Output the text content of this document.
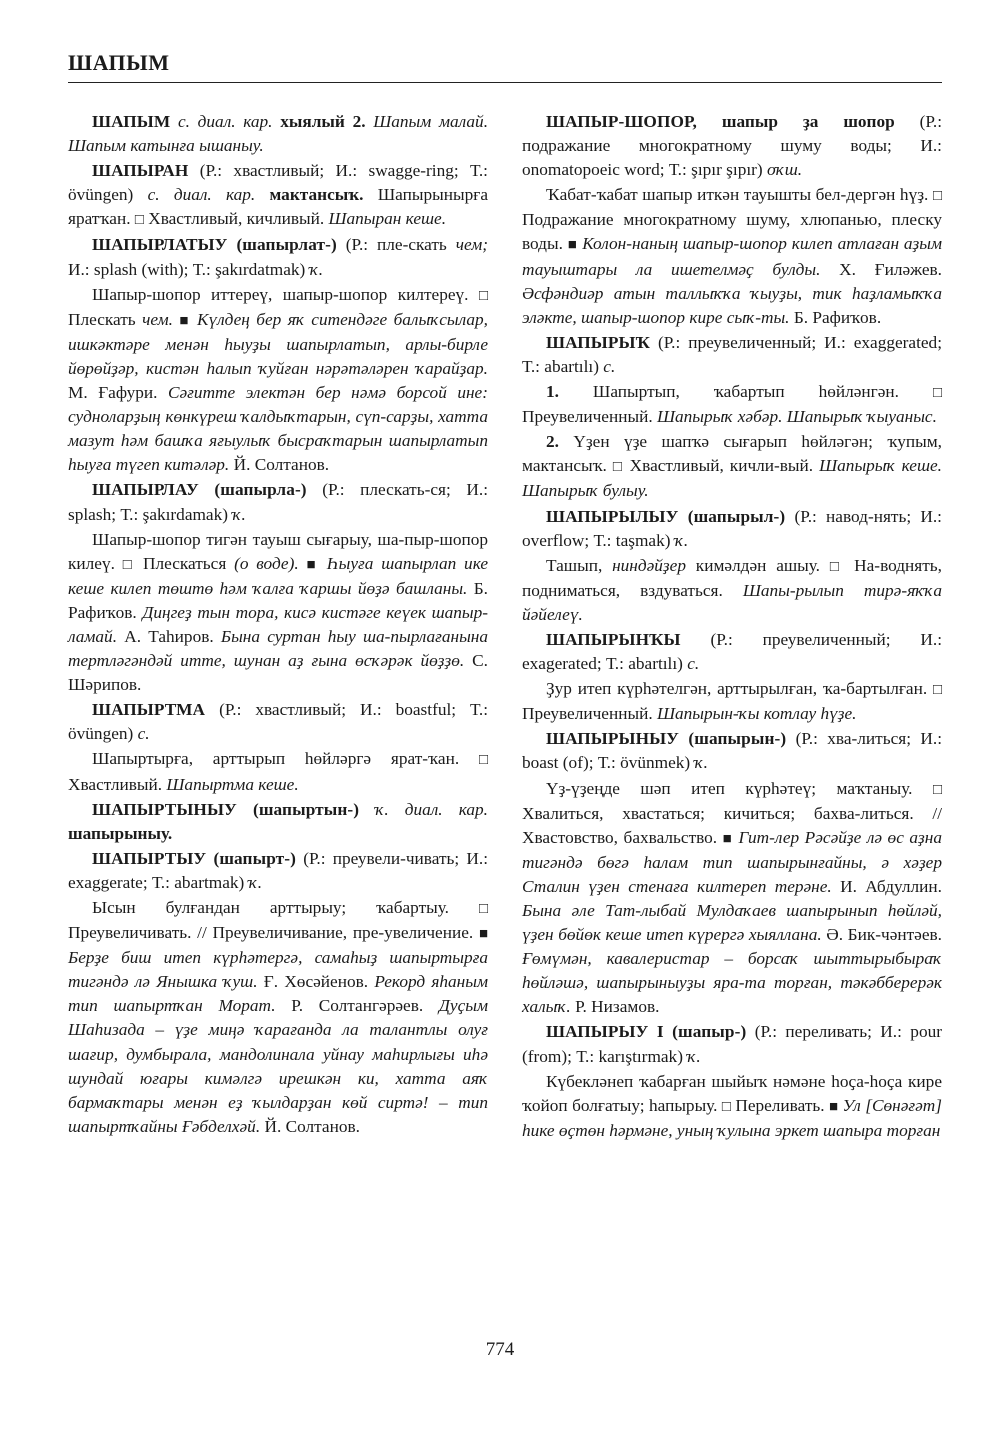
ШАПЫМ

ШАПЫМ с. диал. кар. хыялый 2. Шапым малай. Шапым катынға ышаныу.

ШАПЫРАН (Р.: хвастливый; И.: swagge-ring; Т.: övüngen) с. диал. кар. мактансыҡ. Шапырынырға яратҡан. □ Хвастливый, кичливый. Шапыран кеше.

ШАПЫРЛАТЫУ (шапырлат-) (Р.: пле-скать чем; И.: splash (with); Т.: şakırdatmak) ҡ.

Шапыр-шопор иттереү, шапыр-шопор килтереү. □ Плескать чем. ■ Күлдең бер яҡ ситендәге балыҡсылар, ишкәктәре менән һыуҙы шапырлатып, арлы-бирле йөрөйҙәр, кистән һалып ҡуйған нәрәтәләрен ҡарайҙар. М. Ғафури. Сәғитте электән бер нәмә борсой ине: судноларҙың көнкүреш ҡалдыҡтарын, сүп-сарҙы, хатта мазут һәм башҡа яғыулыҡ бысраҡтарын шапырлатып һыуға түгеп китәләр. Й. Солтанов.

ШАПЫРЛАУ (шапырла-) (Р.: плескать-ся; И.: splash; Т.: şakırdamak) ҡ.

Шапыр-шопор тигән тауыш сығарыу, ша-пыр-шопор килеү. □ Плескаться (о воде). ■ Һыуға шапырлап ике кеше килеп төштө һәм ҡалға ҡаршы йөҙә башланы. Б. Рафиҡов. Диңгеҙ тын тора, кисә кистәге кеүек шапыр-ламай. А. Таһиров. Бына суртан һыу ша-пырлағанына тертләгәндәй итте, шунан аҙ ғына өсҡәрәк йөҙҙө. С. Шәрипов.

ШАПЫРТМА (Р.: хвастливый; И.: boastful; Т.: övüngen) с.

Шапыртырға, арттырып һөйләргә ярат-ҡан. □ Хвастливый. Шапыртма кеше.

ШАПЫРТЫНЫУ (шапыртын-) ҡ. диал. кар. шапырыныу.

ШАПЫРТЫУ (шапырт-) (Р.: преувели-чивать; И.: exaggerate; Т.: abartmak) ҡ.

Ысын булғандан арттырыу; ҡабартыу. □ Преувеличивать. // Преувеличивание, пре-увеличение. ■ Берҙе биш итеп күрһәтергә, самаһыҙ шапыртырға тигәндә лә Янышка ҡуш. Ғ. Хөсәйенов. Рекорд яһаным тип шапыртҡан Морат. Р. Солтангәрәев. Дуҫым Шаһизада – үҙе миңә ҡарағанда ла талантлы олуғ шағир, думбырала, мандолинала уйнау маһирлығы иһә шундай юғары кимәлгә ирешкән ки, хатта аяҡ бармаҡтары менән еҙ ҡылдарҙан көй сиртә! – тип шапыртҡайны Ғәбделхәй. Й. Солтанов.

ШАПЫР-ШОПОР, шапыр ҙа шопор (Р.: подражание многократному шуму воды; И.: onomatopoeic word; Т.: şıpır şıpır) оҡш.

Ҡабат-ҡабат шапыр иткән тауышты бел-дергән һүҙ. □ Подражание многократному шуму, хлюпанью, плеску воды. ■ Колон-наның шапыр-шопор килеп атлаған аҙым тауыштары ла ишетелмәҫ булды. Х. Ғиләжев. Әсфәндиәр атын таллыҡҡа ҡыуҙы, тик һаҙламыҡҡа эләкте, шапыр-шопор кире сыҡ-ты. Б. Рафиҡов.

ШАПЫРЫҠ (Р.: преувеличенный; И.: exaggerated; Т.: abartılı) с.

1. Шапыртып, ҡабартып һөйләнгән. □ Преувеличенный. Шапырыҡ хәбәр. Шапырыҡ ҡыуаныс.

2. Үҙен үҙе шапҡә сығарып һөйләгән; ҡупым, мактансыҡ. □ Хвастливый, кичли-вый. Шапырыҡ кеше. Шапырыҡ булыу.

ШАПЫРЫЛЫУ (шапырыл-) (Р.: навод-нять; И.: overflow; Т.: taşmak) ҡ.

Ташып, ниндәйҙер кимәлдән ашыу. □ На-воднять, подниматься, вздуваться. Шапы-рылып тирә-яҡҡа йәйелеү.

ШАПЫРЫНҠЫ (Р.: преувеличенный; И.: exagerated; Т.: abartılı) с.

Ҙур итеп күрһәтелгән, арттырылған, ҡа-бартылған. □ Преувеличенный. Шапырын-ҡы котлау һүҙе.

ШАПЫРЫНЫУ (шапырын-) (Р.: хва-литься; И.: boast (of); Т.: övünmek) ҡ.

Үҙ-үҙеңде шәп итеп күрһәтеү; маҡтаныу. □ Хвалиться, хвастаться; кичиться; бахва-литься. // Хвастовство, бахвальство. ■ Гит-лер Рәсәйҙе лә өс аҙна тигәндә бөгә һалам тип шапырынғайны, ә хәҙер Сталин үҙен стенаға килтереп терәне. И. Абдуллин. Бына әле Тат-лыбай Мулдаҡаев шапырынып һөйләй, үҙен бөйөк кеше итеп күрергә хыялланa. Ә. Бик-чәнтәев. Ғөмүмән, кавалеристар – борсаҡ шыттырыбыраҡ һөйләшә, шапырыныуҙы яра-та торған, тәкәбберерәк халыҡ. Р. Низамов.

ШАПЫРЫУ I (шапыр-) (Р.: переливать; И.: pour (from); Т.: karıştırmak) ҡ.

Күбекләнеп ҡабарған шыйыҡ нәмәне һоҫа-һоҫа кире ҡойоп болғатыу; һапырыу. □ Переливать. ■ Ул [Сөнәғәт] һике өҫтөн һәрмәнe, уның ҡулына эркет шапыра торған

774
